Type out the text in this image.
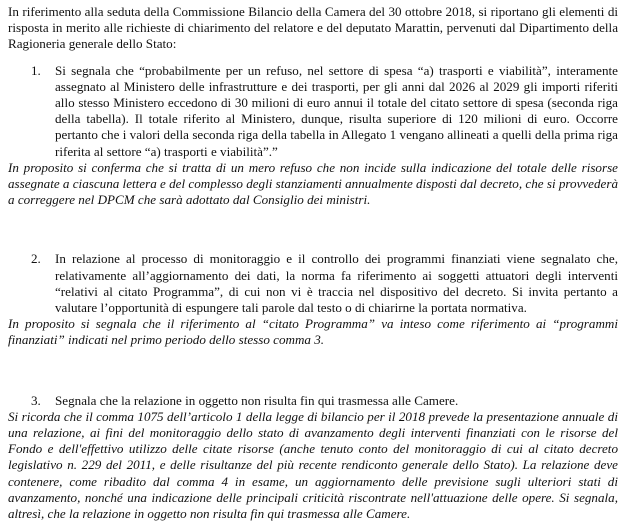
In riferimento alla seduta della Commissione Bilancio della Camera del 30 ottobre 2018, si riportano gli elementi di risposta in merito alle richieste di chiarimento del relatore e del deputato Marattin, pervenuti dal Dipartimento della Ragioneria generale dello Stato:

1.	Si segnala che “probabilmente per un refuso, nel settore di spesa “a) trasporti e viabilità”, interamente assegnato al Ministero delle infrastrutture e dei trasporti, per gli anni dal 2026 al 2029 gli importi riferiti allo stesso Ministero eccedono di 30 milioni di euro annui il totale del citato settore di spesa (seconda riga della tabella). Il totale riferito al Ministero, dunque, risulta superiore di 120 milioni di euro. Occorre pertanto che i valori della seconda riga della tabella in Allegato 1 vengano allineati a quelli della prima riga riferita al settore “a) trasporti e viabilità”.”

In proposito si conferma che si tratta di un mero refuso che non incide sulla indicazione del totale delle risorse assegnate a ciascuna lettera e del complesso degli stanziamenti annualmente disposti dal decreto, che si provvederà a correggere nel DPCM che sarà adottato dal Consiglio dei ministri.

2.	In relazione al processo di monitoraggio e il controllo dei programmi finanziati viene segnalato che, relativamente all’aggiornamento dei dati, la norma fa riferimento ai soggetti attuatori degli interventi “relativi al citato Programma”, di cui non vi è traccia nel dispositivo del decreto. Si invita pertanto a valutare l’opportunità di espungere tali parole dal testo o di chiarirne la portata normativa.

In proposito si segnala che il riferimento al “citato Programma” va inteso come riferimento ai “programmi finanziati” indicati nel primo periodo dello stesso comma 3.

3.	Segnala che la relazione in oggetto non risulta fin qui trasmessa alle Camere.

Si ricorda che il comma 1075 dell’articolo 1 della legge di bilancio per il 2018 prevede la presentazione annuale di una relazione, ai fini del monitoraggio dello stato di avanzamento degli interventi finanziati con le risorse del Fondo e dell'effettivo utilizzo delle citate risorse (anche tenuto conto del monitoraggio di cui al citato decreto legislativo n. 229 del 2011, e delle risultanze del più recente rendiconto generale dello Stato). La relazione deve contenere, come ribadito dal comma 4 in esame, un aggiornamento delle previsione sugli ulteriori stati di avanzamento, nonché una indicazione delle principali criticità riscontrate nell'attuazione delle opere. Si segnala, altresì, che la relazione in oggetto non risulta fin qui trasmessa alle Camere.
